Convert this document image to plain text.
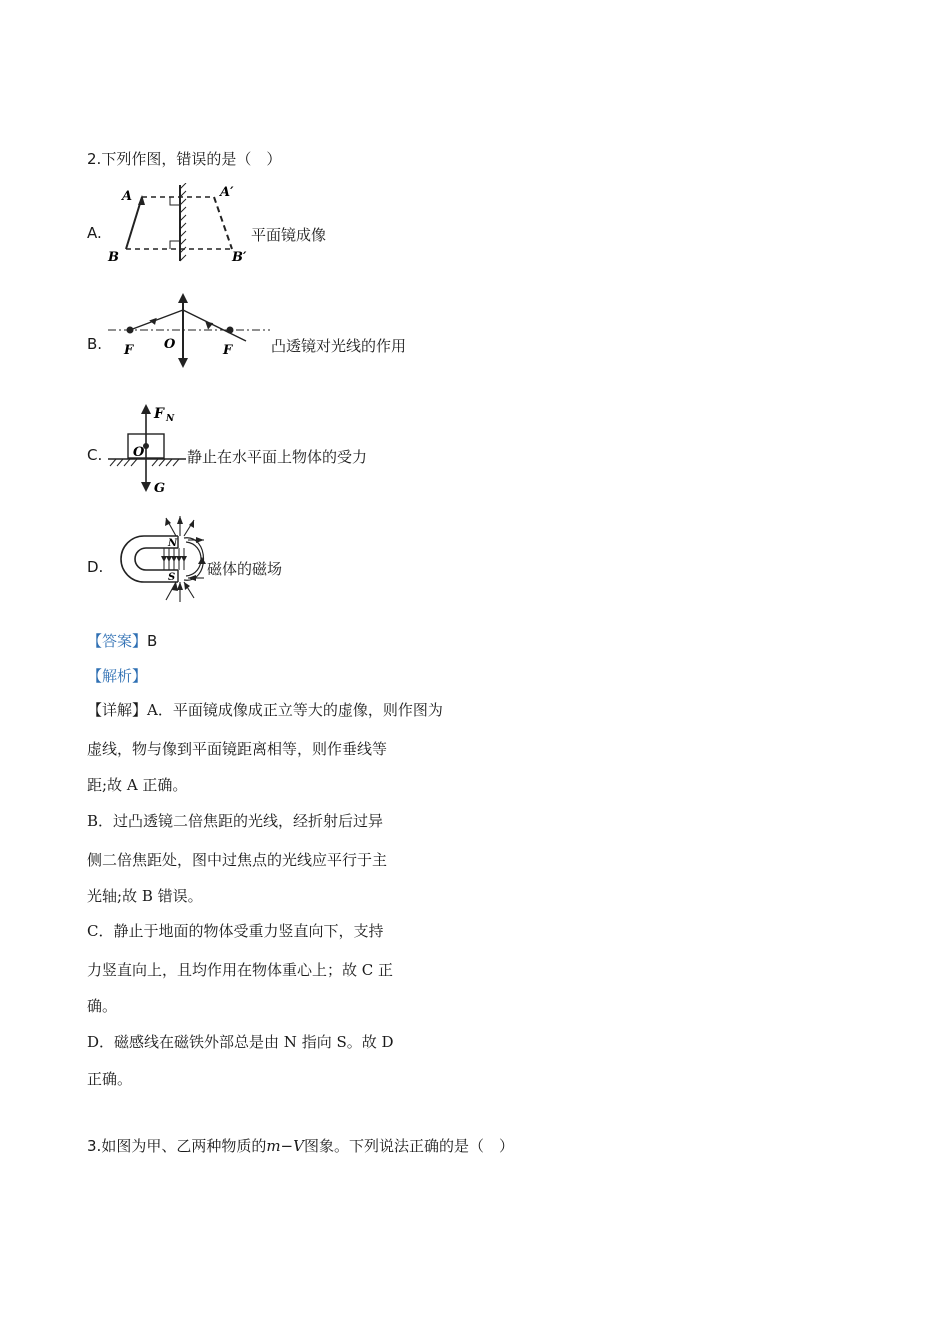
2.下列作图，错误的是（　）
A.
A	A′
B	B′
平面镜成像
B. F O	F	凸透镜对光线的作用
C.
F N
O
G
静止在水平面上物体的受力
D.
N
S 磁体的磁场
【答案】B
【解析】
【详解】A．平面镜成像成正立等大的虚像，则作图为
虚线，物与像到平面镜距离相等，则作垂线等
距;故 A 正确。
B．过凸透镜二倍焦距的光线，经折射后过异
侧二倍焦距处，图中过焦点的光线应平行于主
光轴;故 B 错误。
C．静止于地面的物体受重力竖直向下，支持
力竖直向上，且均作用在物体重心上；故 C 正
确。
D．磁感线在磁铁外部总是由 N 指向 S。故 D
正确。
3.如图为甲、乙两种物质的m−V图象。下列说法正确的是（　）
